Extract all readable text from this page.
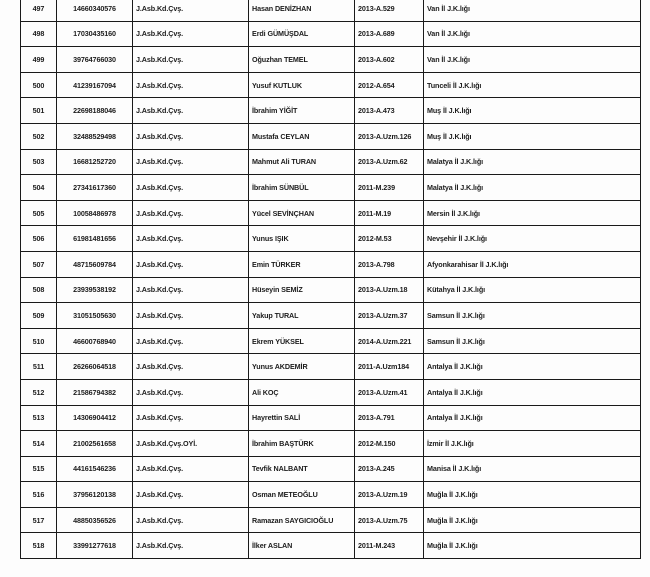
497	14660340576	J.Asb.Kd.Çvş.	Hasan DENİZHAN	2013-A.529	Van İl J.K.lığı
498	17030435160	J.Asb.Kd.Çvş.	Erdi GÜMÜŞDAL	2013-A.689	Van İl J.K.lığı
499	39764766030	J.Asb.Kd.Çvş.	Oğuzhan TEMEL	2013-A.602	Van İl J.K.lığı
500	41239167094	J.Asb.Kd.Çvş.	Yusuf KUTLUK	2012-A.654	Tunceli İl J.K.lığı
501	22698188046	J.Asb.Kd.Çvş.	İbrahim YİĞİT	2013-A.473	Muş İl J.K.lığı
502	32488529498	J.Asb.Kd.Çvş.	Mustafa CEYLAN	2013-A.Uzm.126	Muş İl J.K.lığı
503	16681252720	J.Asb.Kd.Çvş.	Mahmut Ali TURAN	2013-A.Uzm.62	Malatya İl J.K.lığı
504	27341617360	J.Asb.Kd.Çvş.	İbrahim SÜNBÜL	2011-M.239	Malatya İl J.K.lığı
505	10058486978	J.Asb.Kd.Çvş.	Yücel SEVİNÇHAN	2011-M.19	Mersin İl J.K.lığı
506	61981481656	J.Asb.Kd.Çvş.	Yunus IŞIK	2012-M.53	Nevşehir İl J.K.lığı
507	48715609784	J.Asb.Kd.Çvş.	Emin TÜRKER	2013-A.798	Afyonkarahisar İl J.K.lığı
508	23939538192	J.Asb.Kd.Çvş.	Hüseyin SEMİZ	2013-A.Uzm.18	Kütahya İl J.K.lığı
509	31051505630	J.Asb.Kd.Çvş.	Yakup TURAL	2013-A.Uzm.37	Samsun İl J.K.lığı
510	46600768940	J.Asb.Kd.Çvş.	Ekrem YÜKSEL	2014-A.Uzm.221	Samsun İl J.K.lığı
511	26266064518	J.Asb.Kd.Çvş.	Yunus AKDEMİR	2011-A.Uzm184	Antalya İl J.K.lığı
512	21586794382	J.Asb.Kd.Çvş.	Ali KOÇ	2013-A.Uzm.41	Antalya İl J.K.lığı
513	14306904412	J.Asb.Kd.Çvş.	Hayrettin SALİ	2013-A.791	Antalya İl J.K.lığı
514	21002561658	J.Asb.Kd.Çvş.OYİ.	İbrahim BAŞTÜRK	2012-M.150	İzmir İl J.K.lığı
515	44161546236	J.Asb.Kd.Çvş.	Tevfik NALBANT	2013-A.245	Manisa İl J.K.lığı
516	37956120138	J.Asb.Kd.Çvş.	Osman METEOĞLU	2013-A.Uzm.19	Muğla İl J.K.lığı
517	48850356526	J.Asb.Kd.Çvş.	Ramazan SAYGICIOĞLU	2013-A.Uzm.75	Muğla İl J.K.lığı
518	33991277618	J.Asb.Kd.Çvş.	İlker ASLAN	2011-M.243	Muğla İl J.K.lığı
